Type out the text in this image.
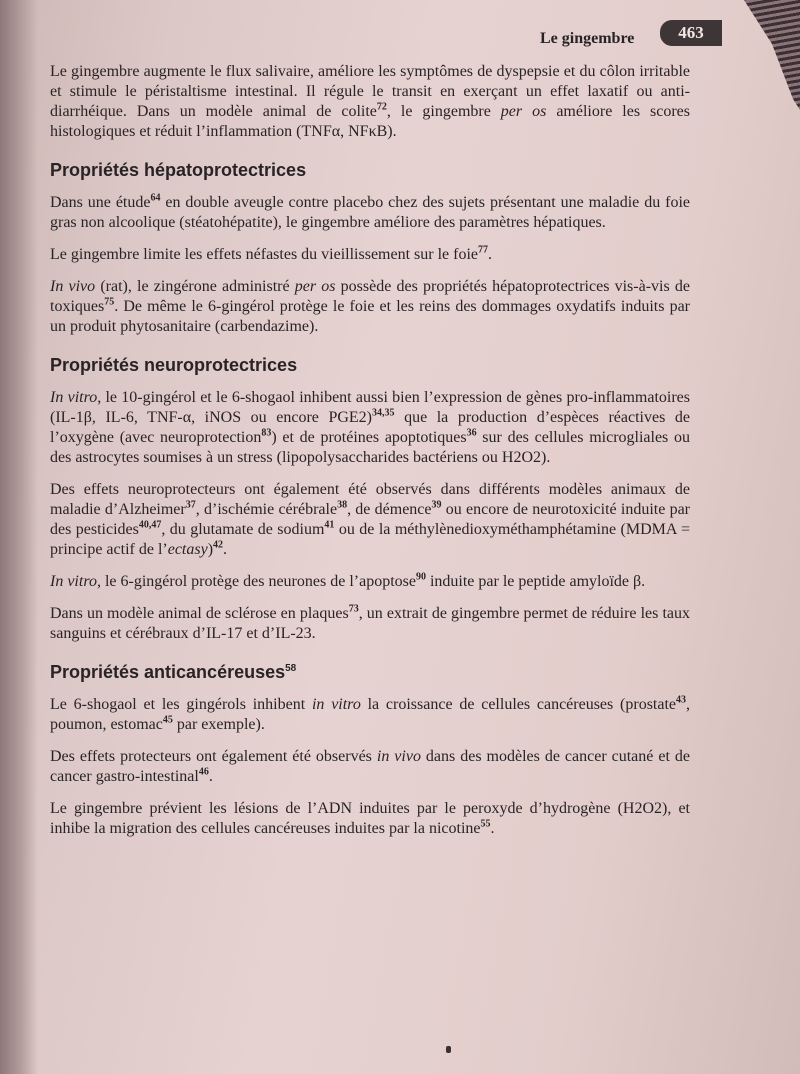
Le gingembre	463

Le gingembre augmente le flux salivaire, améliore les symptômes de dyspepsie et du côlon irritable et stimule le péristaltisme intestinal. Il régule le transit en exerçant un effet laxatif ou anti-diarrhéique. Dans un modèle animal de colite$^{72}$, le gingembre per os améliore les scores histologiques et réduit l’inflammation (TNFα, NFκB).

Propriétés hépatoprotectrices

Dans une étude$^{64}$ en double aveugle contre placebo chez des sujets présentant une maladie du foie gras non alcoolique (stéatohépatite), le gingembre améliore des paramètres hépatiques.

Le gingembre limite les effets néfastes du vieillissement sur le foie$^{77}$.

In vivo (rat), le zingérone administré per os possède des propriétés hépatoprotectrices vis-à-vis de toxiques$^{75}$. De même le 6-gingérol protège le foie et les reins des dommages oxydatifs induits par un produit phytosanitaire (carbendazime).

Propriétés neuroprotectrices

In vitro, le 10-gingérol et le 6-shogaol inhibent aussi bien l’expression de gènes pro-inflammatoires (IL-1β, IL-6, TNF-α, iNOS ou encore PGE2)$^{34,35}$ que la production d’espèces réactives de l’oxygène (avec neuroprotection$^{83}$) et de protéines apoptotiques$^{36}$ sur des cellules microgliales ou des astrocytes soumises à un stress (lipopolysaccharides bactériens ou H2O2).

Des effets neuroprotecteurs ont également été observés dans différents modèles animaux de maladie d’Alzheimer$^{37}$, d’ischémie cérébrale$^{38}$, de démence$^{39}$ ou encore de neurotoxicité induite par des pesticides$^{40,47}$, du glutamate de sodium$^{41}$ ou de la méthylènedioxyméthamphétamine (MDMA = principe actif de l’ectasy)$^{42}$.

In vitro, le 6-gingérol protège des neurones de l’apoptose$^{90}$ induite par le peptide amyloïde β.

Dans un modèle animal de sclérose en plaques$^{73}$, un extrait de gingembre permet de réduire les taux sanguins et cérébraux d’IL-17 et d’IL-23.

Propriétés anticancéreuses$^{58}$

Le 6-shogaol et les gingérols inhibent in vitro la croissance de cellules cancéreuses (prostate$^{43}$, poumon, estomac$^{45}$ par exemple).

Des effets protecteurs ont également été observés in vivo dans des modèles de cancer cutané et de cancer gastro-intestinal$^{46}$.

Le gingembre prévient les lésions de l’ADN induites par le peroxyde d’hydrogène (H2O2), et inhibe la migration des cellules cancéreuses induites par la nicotine$^{55}$.
